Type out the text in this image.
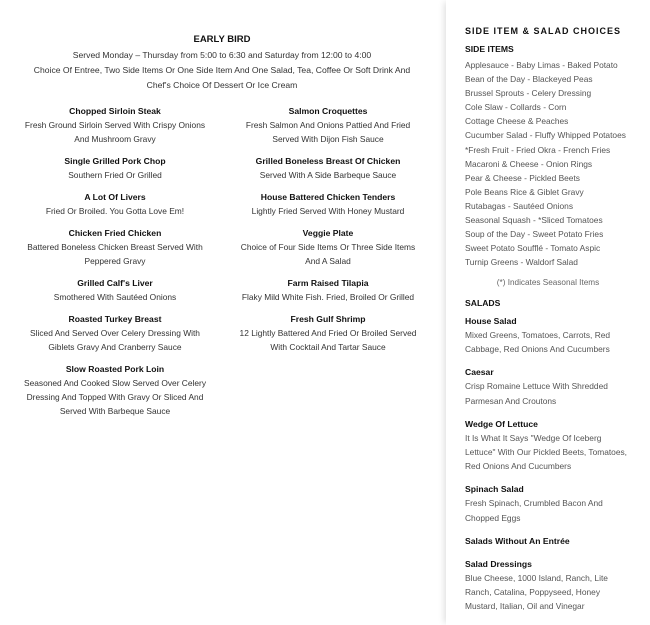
EARLY BIRD
Served Monday – Thursday from 5:00 to 6:30 and Saturday from 12:00 to 4:00
Choice Of Entree, Two Side Items Or One Side Item And One Salad, Tea, Coffee Or Soft Drink And
Chef's Choice Of Dessert Or Ice Cream
Chopped Sirloin Steak
Fresh Ground Sirloin Served With Crispy Onions
And Mushroom Gravy
Single Grilled Pork Chop
Southern Fried Or Grilled
A Lot Of Livers
Fried Or Broiled. You Gotta Love Em!
Chicken Fried Chicken
Battered Boneless Chicken Breast Served With
Peppered Gravy
Grilled Calf's Liver
Smothered With Sautéed Onions
Roasted Turkey Breast
Sliced And Served Over Celery Dressing With
Giblets Gravy And Cranberry Sauce
Slow Roasted Pork Loin
Seasoned And Cooked Slow Served Over Celery
Dressing And Topped With Gravy Or Sliced And
Served With Barbeque Sauce
Salmon Croquettes
Fresh Salmon And Onions Pattied And Fried
Served With Dijon Fish Sauce
Grilled Boneless Breast Of Chicken
Served With A Side Barbeque Sauce
House Battered Chicken Tenders
Lightly Fried Served With Honey Mustard
Veggie Plate
Choice of Four Side Items Or Three Side Items
And A Salad
Farm Raised Tilapia
Flaky Mild White Fish. Fried, Broiled Or Grilled
Fresh Gulf Shrimp
12 Lightly Battered And Fried Or Broiled Served
With Cocktail And Tartar Sauce
SIDE ITEM & SALAD CHOICES
SIDE ITEMS
Applesauce - Baby Limas - Baked Potato
Bean of the Day - Blackeyed Peas
Brussel Sprouts - Celery Dressing
Cole Slaw - Collards - Corn
Cottage Cheese & Peaches
Cucumber Salad - Fluffy Whipped Potatoes
*Fresh Fruit - Fried Okra - French Fries
Macaroni & Cheese - Onion Rings
Pear & Cheese - Pickled Beets
Pole Beans Rice & Giblet Gravy
Rutabagas - Sautéed Onions
Seasonal Squash - *Sliced Tomatoes
Soup of the Day - Sweet Potato Fries
Sweet Potato Soufflé - Tomato Aspic
Turnip Greens - Waldorf Salad
(*) Indicates Seasonal Items
SALADS
House Salad
Mixed Greens, Tomatoes, Carrots, Red
Cabbage, Red Onions And Cucumbers
Caesar
Crisp Romaine Lettuce With Shredded
Parmesan And Croutons
Wedge Of Lettuce
It Is What It Says "Wedge Of Iceberg
Lettuce" With Our Pickled Beets, Tomatoes,
Red Onions And Cucumbers
Spinach Salad
Fresh Spinach, Crumbled Bacon And
Chopped Eggs
Salads Without An Entrée
Salad Dressings
Blue Cheese, 1000 Island, Ranch, Lite
Ranch, Catalina, Poppyseed, Honey
Mustard, Italian, Oil and Vinegar
